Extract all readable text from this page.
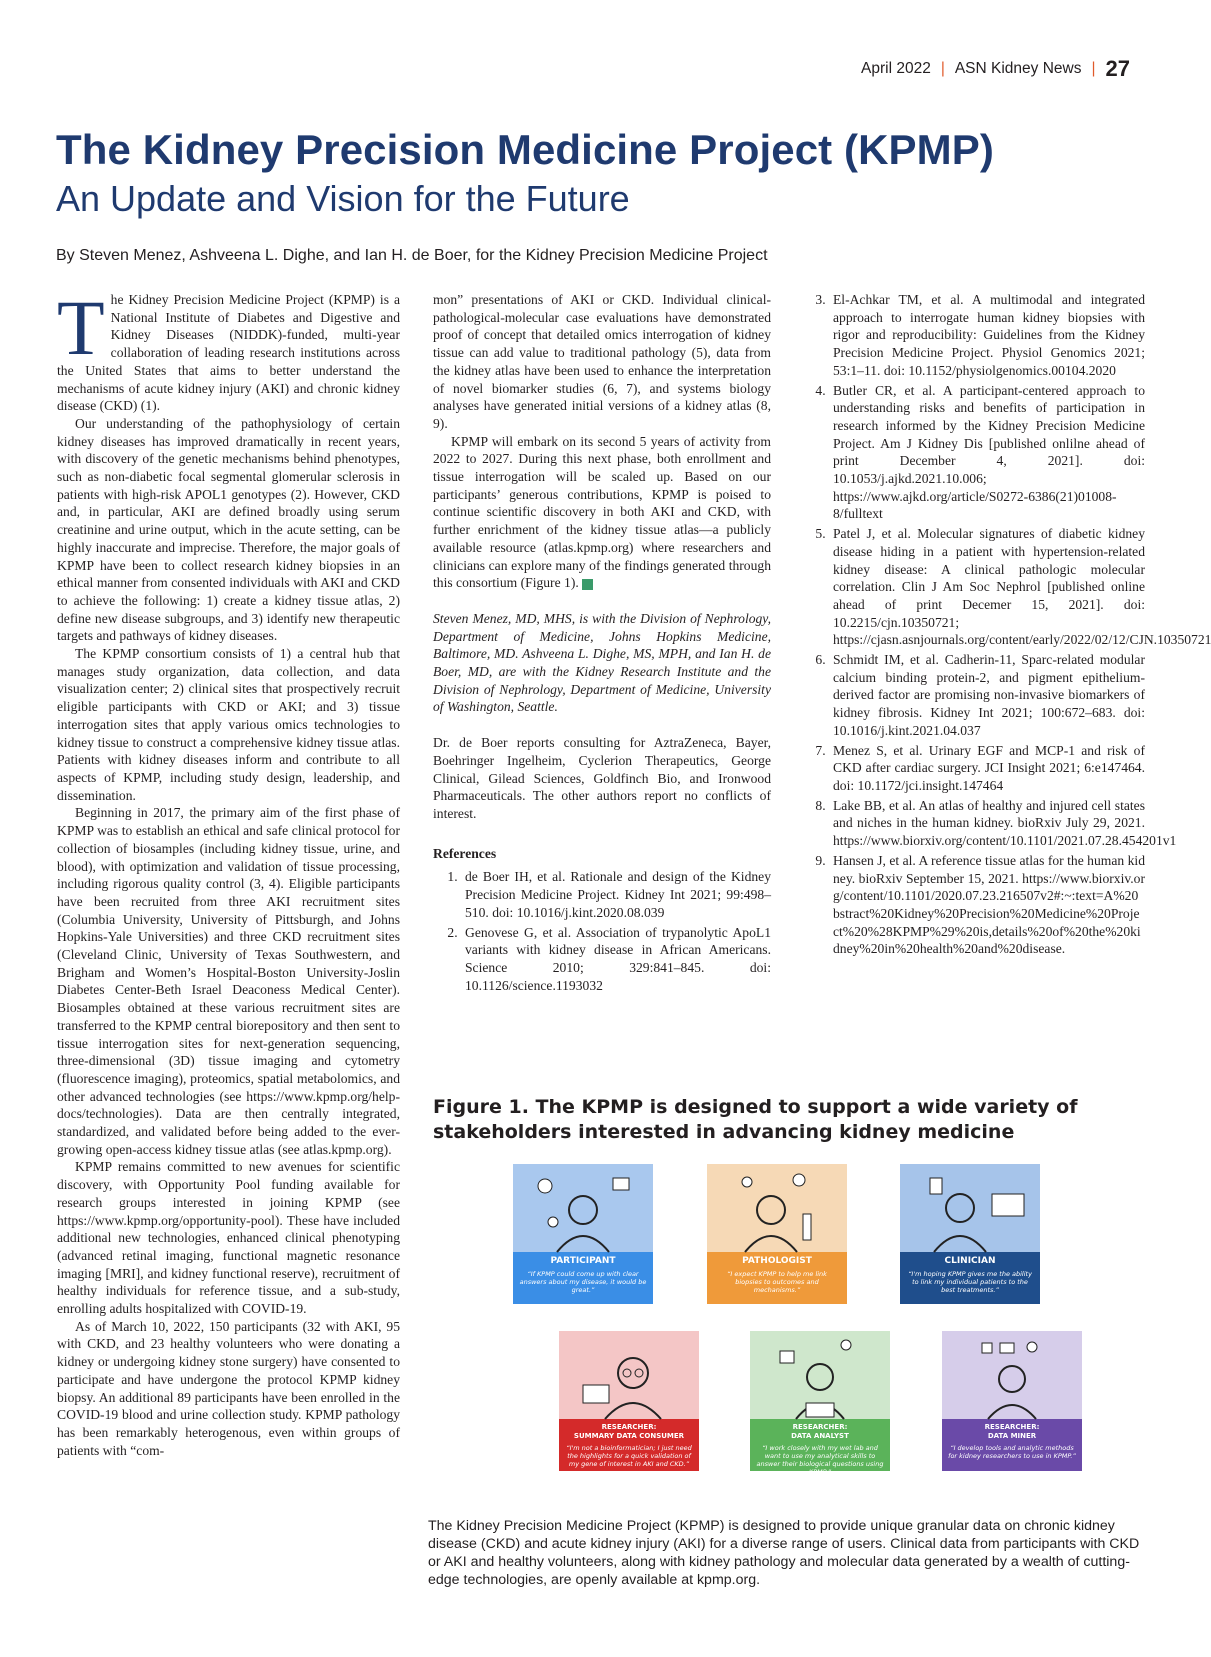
April 2022 | ASN Kidney News | 27
The Kidney Precision Medicine Project (KPMP)
An Update and Vision for the Future
By Steven Menez, Ashveena L. Dighe, and Ian H. de Boer, for the Kidney Precision Medicine Project

The Kidney Precision Medicine Project (KPMP) is a National Institute of Diabetes and Digestive and Kidney Diseases (NIDDK)-funded, multi-year collaboration of leading research institutions across the United States that aims to better understand the mechanisms of acute kidney injury (AKI) and chronic kidney disease (CKD) (1).

Our understanding of the pathophysiology of certain kidney diseases has improved dramatically in recent years, with discovery of the genetic mechanisms behind phenotypes, such as non-diabetic focal segmental glomerular sclerosis in patients with high-risk APOL1 genotypes (2). However, CKD and, in particular, AKI are defined broadly using serum creatinine and urine output, which in the acute setting, can be highly inaccurate and imprecise. Therefore, the major goals of KPMP have been to collect research kidney biopsies in an ethical manner from consented individuals with AKI and CKD to achieve the following: 1) create a kidney tissue atlas, 2) define new disease subgroups, and 3) identify new therapeutic targets and pathways of kidney diseases.

The KPMP consortium consists of 1) a central hub that manages study organization, data collection, and data visualization center; 2) clinical sites that prospectively recruit eligible participants with CKD or AKI; and 3) tissue interrogation sites that apply various omics technologies to kidney tissue to construct a comprehensive kidney tissue atlas. Patients with kidney diseases inform and contribute to all aspects of KPMP, including study design, leadership, and dissemination.

Beginning in 2017, the primary aim of the first phase of KPMP was to establish an ethical and safe clinical protocol for collection of biosamples (including kidney tissue, urine, and blood), with optimization and validation of tissue processing, including rigorous quality control (3, 4). Eligible participants have been recruited from three AKI recruitment sites (Columbia University, University of Pittsburgh, and Johns Hopkins-Yale Universities) and three CKD recruitment sites (Cleveland Clinic, University of Texas Southwestern, and Brigham and Women’s Hospital-Boston University-Joslin Diabetes Center-Beth Israel Deaconess Medical Center). Biosamples obtained at these various recruitment sites are transferred to the KPMP central biorepository and then sent to tissue interrogation sites for next-generation sequencing, three-dimensional (3D) tissue imaging and cytometry (fluorescence imaging), proteomics, spatial metabolomics, and other advanced technologies (see https://www.kpmp.org/help-docs/technologies). Data are then centrally integrated, standardized, and validated before being added to the ever-growing open-access kidney tissue atlas (see atlas.kpmp.org).

KPMP remains committed to new avenues for scientific discovery, with Opportunity Pool funding available for research groups interested in joining KPMP (see https://www.kpmp.org/opportunity-pool). These have included additional new technologies, enhanced clinical phenotyping (advanced retinal imaging, functional magnetic resonance imaging [MRI], and kidney functional reserve), recruitment of healthy individuals for reference tissue, and a sub-study, enrolling adults hospitalized with COVID-19.

As of March 10, 2022, 150 participants (32 with AKI, 95 with CKD, and 23 healthy volunteers who were donating a kidney or undergoing kidney stone surgery) have consented to participate and have undergone the protocol KPMP kidney biopsy. An additional 89 participants have been enrolled in the COVID-19 blood and urine collection study. KPMP pathology has been remarkably heterogenous, even within groups of patients with “com-

mon” presentations of AKI or CKD. Individual clinical-pathological-molecular case evaluations have demonstrated proof of concept that detailed omics interrogation of kidney tissue can add value to traditional pathology (5), data from the kidney atlas have been used to enhance the interpretation of novel biomarker studies (6, 7), and systems biology analyses have generated initial versions of a kidney atlas (8, 9).

KPMP will embark on its second 5 years of activity from 2022 to 2027. During this next phase, both enrollment and tissue interrogation will be scaled up. Based on our participants’ generous contributions, KPMP is poised to continue scientific discovery in both AKI and CKD, with further enrichment of the kidney tissue atlas—a publicly available resource (atlas.kpmp.org) where researchers and clinicians can explore many of the findings generated through this consortium (Figure 1).

Steven Menez, MD, MHS, is with the Division of Nephrology, Department of Medicine, Johns Hopkins Medicine, Baltimore, MD. Ashveena L. Dighe, MS, MPH, and Ian H. de Boer, MD, are with the Kidney Research Institute and the Division of Nephrology, Department of Medicine, University of Washington, Seattle.

Dr. de Boer reports consulting for AztraZeneca, Bayer, Boehringer Ingelheim, Cyclerion Therapeutics, George Clinical, Gilead Sciences, Goldfinch Bio, and Ironwood Pharmaceuticals. The other authors report no conflicts of interest.

References

1. de Boer IH, et al. Rationale and design of the Kidney Precision Medicine Project. Kidney Int 2021; 99:498–510. doi: 10.1016/j.kint.2020.08.039
2. Genovese G, et al. Association of trypanolytic ApoL1 variants with kidney disease in African Americans. Science 2010; 329:841–845. doi: 10.1126/science.1193032
3. El-Achkar TM, et al. A multimodal and integrated approach to interrogate human kidney biopsies with rigor and reproducibility: Guidelines from the Kidney Precision Medicine Project. Physiol Genomics 2021; 53:1–11. doi: 10.1152/physiolgenomics.00104.2020
4. Butler CR, et al. A participant-centered approach to understanding risks and benefits of participation in research informed by the Kidney Precision Medicine Project. Am J Kidney Dis [published onlilne ahead of print December 4, 2021]. doi: 10.1053/j.ajkd.2021.10.006; https://www.ajkd.org/article/S0272-6386(21)01008-8/fulltext
5. Patel J, et al. Molecular signatures of diabetic kidney disease hiding in a patient with hypertension-related kidney disease: A clinical pathologic molecular correlation. Clin J Am Soc Nephrol [published online ahead of print Decemer 15, 2021]. doi: 10.2215/cjn.10350721; https://cjasn.asnjournals.org/content/early/2022/02/12/CJN.10350721
6. Schmidt IM, et al. Cadherin-11, Sparc-related modular calcium binding protein-2, and pigment epithelium-derived factor are promising non-invasive biomarkers of kidney fibrosis. Kidney Int 2021; 100:672–683. doi: 10.1016/j.kint.2021.04.037
7. Menez S, et al. Urinary EGF and MCP-1 and risk of CKD after cardiac surgery. JCI Insight 2021; 6:e147464. doi: 10.1172/jci.insight.147464
8. Lake BB, et al. An atlas of healthy and injured cell states and niches in the human kidney. bioRxiv July 29, 2021. https://www.biorxiv.org/content/10.1101/2021.07.28.454201v1
9. Hansen J, et al. A reference tissue atlas for the human kidney. bioRxiv September 15, 2021. https://www.biorxiv.org/content/10.1101/2020.07.23.216507v2#:~:text=A%20bstract%20Kidney%20Precision%20Medicine%20Project%20%28KPMP%29%20is,details%20of%20the%20kidney%20in%20health%20and%20disease.
Figure 1. The KPMP is designed to support a wide variety of stakeholders interested in advancing kidney medicine
PARTICIPANT
“If KPMP could come up with clear answers about my disease, it would be great.”
PATHOLOGIST
“I expect KPMP to help me link biopsies to outcomes and mechanisms.”
CLINICIAN
“I'm hoping KPMP gives me the ability to link my individual patients to the best treatments.”
RESEARCHER:
SUMMARY DATA CONSUMER
“I'm not a bioinformatician; I just need the highlights for a quick validation of my gene of interest in AKI and CKD.”
RESEARCHER:
DATA ANALYST
“I work closely with my wet lab and want to use my analytical skills to answer their biological questions using KPMP.”
RESEARCHER:
DATA MINER
“I develop tools and analytic methods for kidney researchers to use in KPMP.”
The Kidney Precision Medicine Project (KPMP) is designed to provide unique granular data on chronic kidney disease (CKD) and acute kidney injury (AKI) for a diverse range of users. Clinical data from participants with CKD or AKI and healthy volunteers, along with kidney pathology and molecular data generated by a wealth of cutting-edge technologies, are openly available at kpmp.org.
